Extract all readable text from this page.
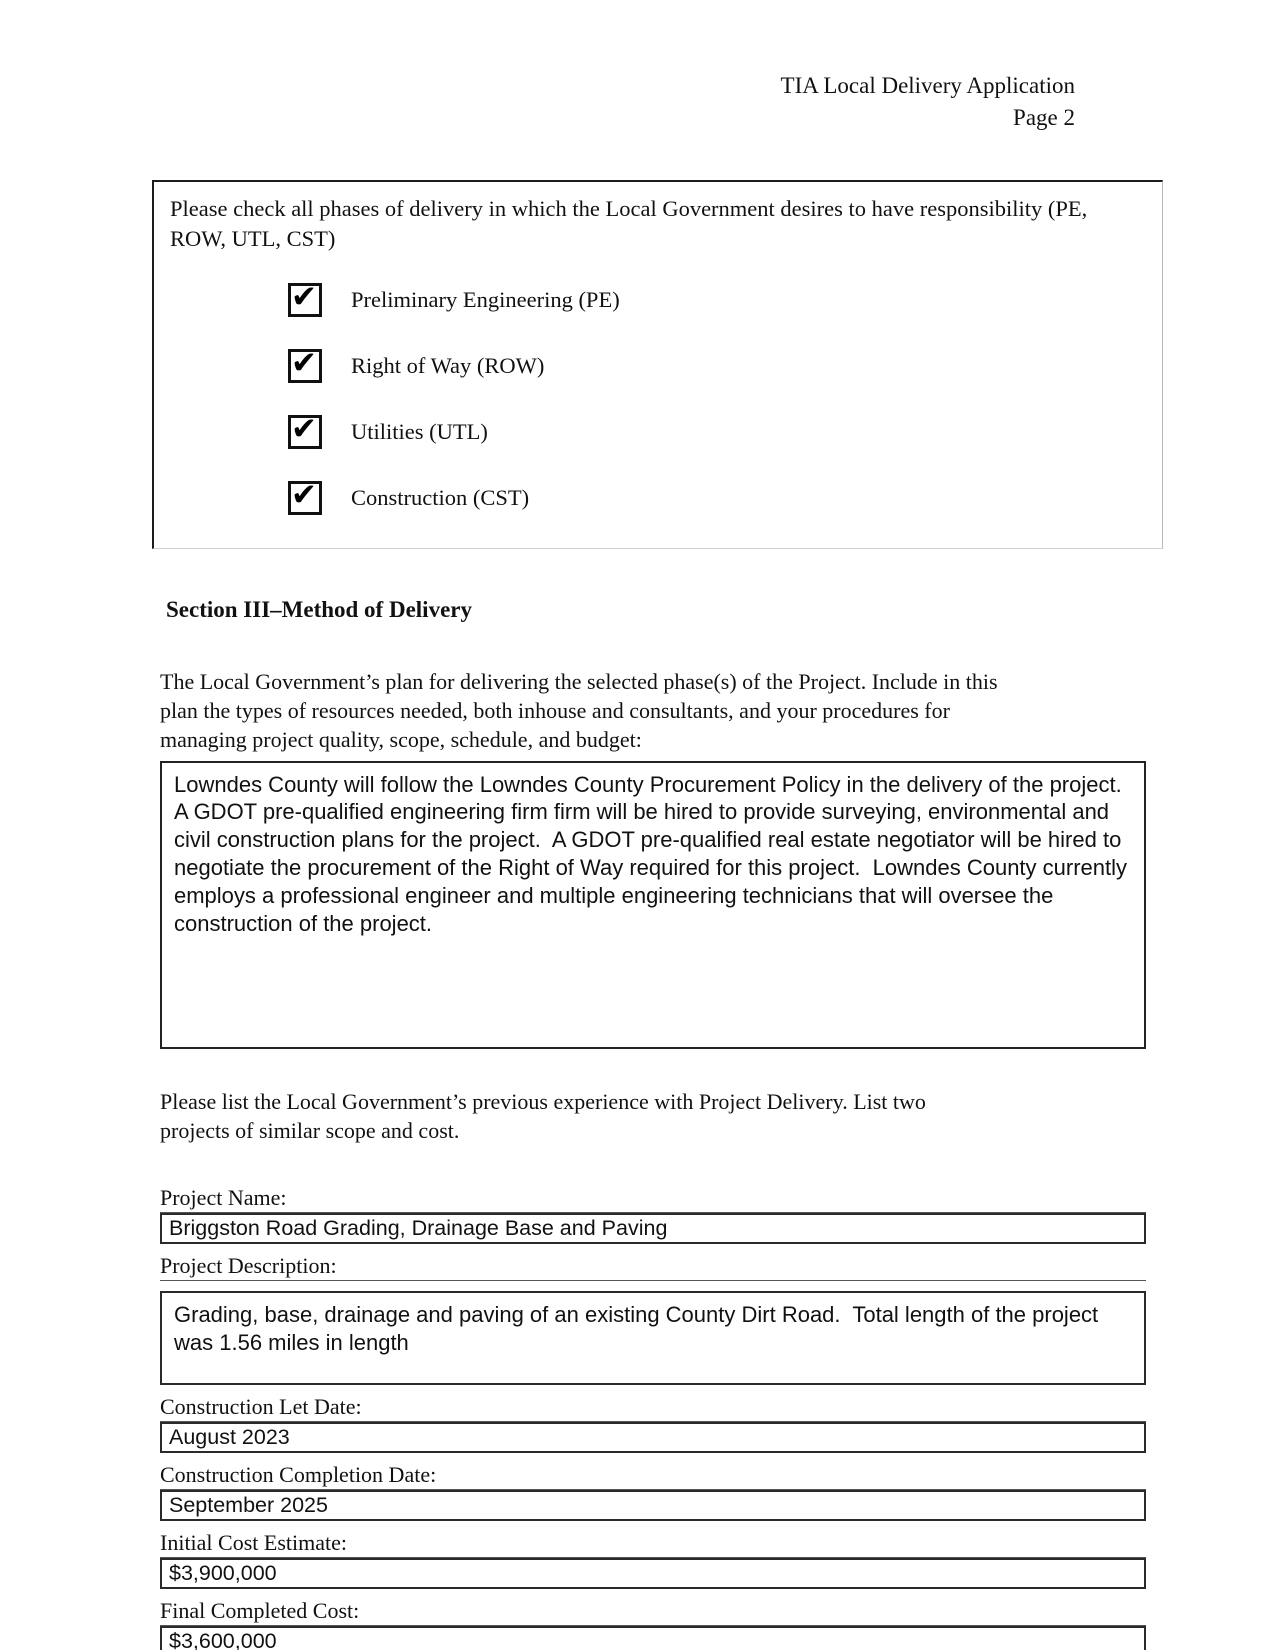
TIA Local Delivery Application
Page 2
Please check all phases of delivery in which the Local Government desires to have responsibility (PE, ROW, UTL, CST)
✔ Preliminary Engineering (PE)
✔ Right of Way (ROW)
✔ Utilities (UTL)
✔ Construction (CST)
Section III–Method of Delivery
The Local Government’s plan for delivering the selected phase(s) of the Project. Include in this plan the types of resources needed, both inhouse and consultants, and your procedures for managing project quality, scope, schedule, and budget:
Lowndes County will follow the Lowndes County Procurement Policy in the delivery of the project.  A GDOT pre-qualified engineering firm firm will be hired to provide surveying, environmental and civil construction plans for the project.  A GDOT pre-qualified real estate negotiator will be hired to negotiate the procurement of the Right of Way required for this project.  Lowndes County currently employs a professional engineer and multiple engineering technicians that will oversee the construction of the project.
Please list the Local Government’s previous experience with Project Delivery. List two projects of similar scope and cost.
Project Name:
Briggston Road Grading, Drainage Base and Paving
Project Description:
Grading, base, drainage and paving of an existing County Dirt Road.  Total length of the project was 1.56 miles in length
Construction Let Date:
August 2023
Construction Completion Date:
September 2025
Initial Cost Estimate:
$3,900,000
Final Completed Cost:
$3,600,000
